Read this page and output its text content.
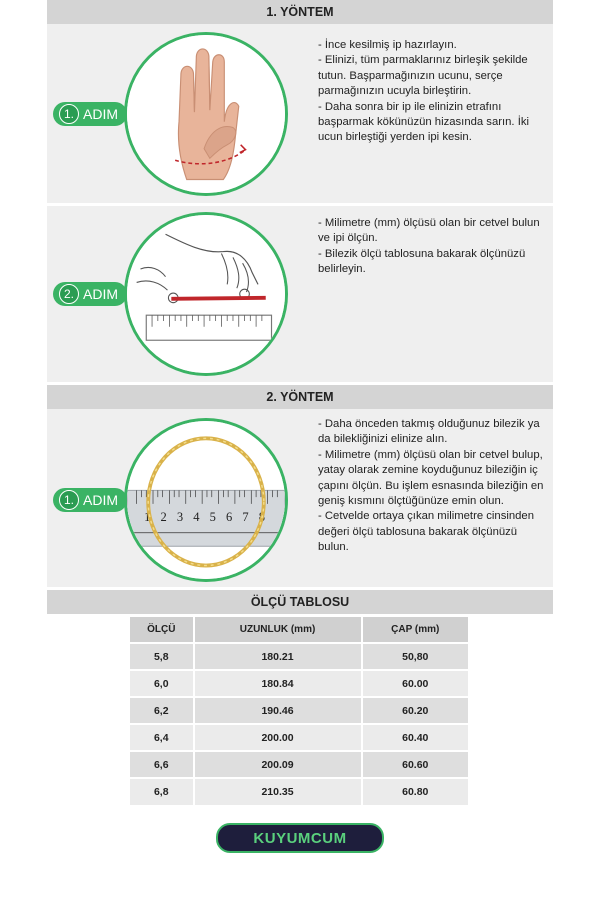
1. YÖNTEM
1. ADIM

- İnce kesilmiş ip hazırlayın.

- Elinizi, tüm parmaklarınız birleşik şekilde tutun. Başparmağınızın ucunu, serçe parmağınızın ucuyla birleştirin.

- Daha sonra bir ip ile elinizin etrafını başparmak kökünüzün hizasında sarın. İki ucun birleştiği yerden ipi kesin.

2. ADIM

- Milimetre (mm) ölçüsü olan bir cetvel bulun ve ipi ölçün.

- Bilezik ölçü tablosuna bakarak ölçünüzü belirleyin.

2. YÖNTEM
1. ADIM
1 2 3 4 5 6 7 8

- Daha önceden takmış olduğunuz bilezik ya da bilekliğinizi elinize alın.

- Milimetre (mm) ölçüsü olan bir cetvel bulup, yatay olarak zemine koyduğunuz bileziğin iç çapını ölçün. Bu işlem esnasında bileziğin en geniş kısmını ölçtüğünüze emin olun.

- Cetvelde ortaya çıkan milimetre cinsinden değeri ölçü tablosuna bakarak ölçünüzü bulun.

ÖLÇÜ TABLOSU
ÖLÇÜ	UZUNLUK (mm)	ÇAP (mm)
5,8	180.21	50,80
6,0	180.84	60.00
6,2	190.46	60.20
6,4	200.00	60.40
6,6	200.09	60.60
6,8	210.35	60.80
KUYUMCUM
